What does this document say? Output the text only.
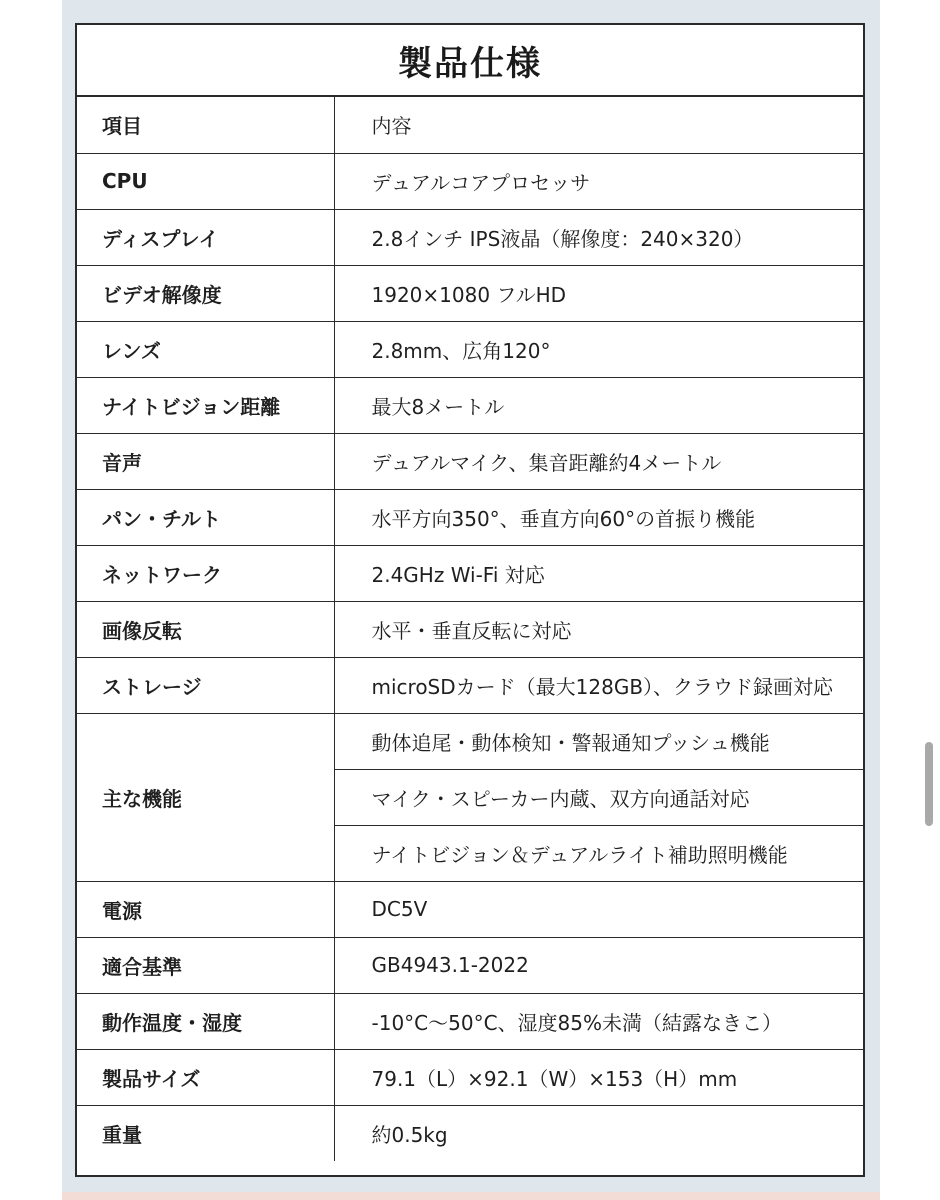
製品仕様
項目	内容
CPU	デュアルコアプロセッサ
ディスプレイ	2.8インチ IPS液晶（解像度：240×320）
ビデオ解像度	1920×1080 フルHD
レンズ	2.8mm、広角120°
ナイトビジョン距離	最大8メートル
音声	デュアルマイク、集音距離約4メートル
パン・チルト	水平方向350°、垂直方向60°の首振り機能
ネットワーク	2.4GHz Wi-Fi 対応
画像反転	水平・垂直反転に対応
ストレージ	microSDカード（最大128GB）、クラウド録画対応
主な機能	動体追尾・動体検知・警報通知プッシュ機能
	マイク・スピーカー内蔵、双方向通話対応
	ナイトビジョン＆デュアルライト補助照明機能
電源	DC5V
適合基準	GB4943.1-2022
動作温度・湿度	-10°C～50°C、湿度85%未満（結露なきこ）
製品サイズ	79.1（L）×92.1（W）×153（H）mm
重量	約0.5kg
